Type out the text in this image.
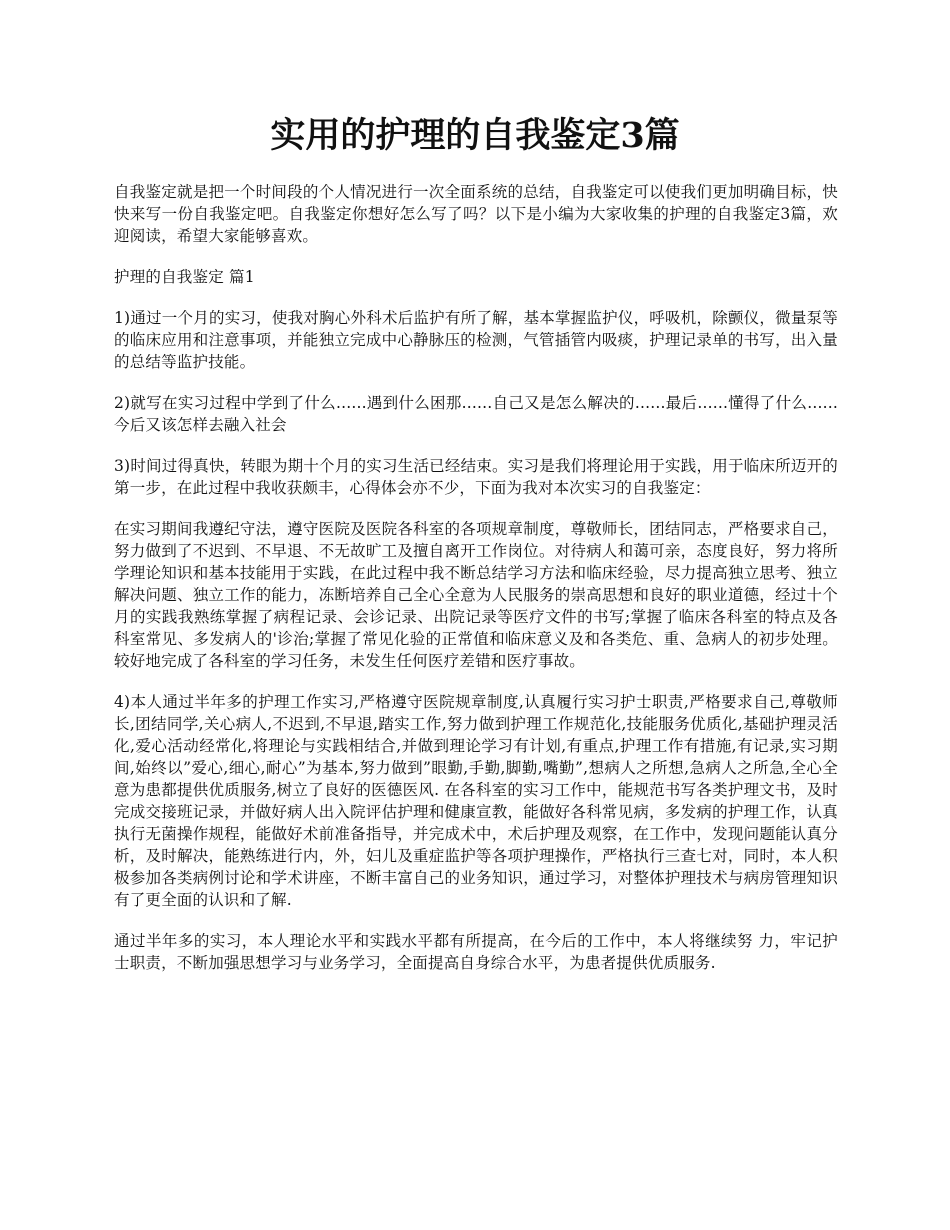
实用的护理的自我鉴定3篇

自我鉴定就是把一个时间段的个人情况进行一次全面系统的总结，自我鉴定可以使我们更加明确目标，快快来写一份自我鉴定吧。自我鉴定你想好怎么写了吗？以下是小编为大家收集的护理的自我鉴定3篇，欢迎阅读，希望大家能够喜欢。

护理的自我鉴定 篇1

1)通过一个月的实习，使我对胸心外科术后监护有所了解，基本掌握监护仪，呼吸机，除颤仪，微量泵等的临床应用和注意事项，并能独立完成中心静脉压的检测，气管插管内吸痰，护理记录单的书写，出入量的总结等监护技能。

2)就写在实习过程中学到了什么......遇到什么困那......自己又是怎么解决的......最后......懂得了什么......今后又该怎样去融入社会

3)时间过得真快，转眼为期十个月的实习生活已经结束。实习是我们将理论用于实践，用于临床所迈开的第一步，在此过程中我收获颇丰，心得体会亦不少，下面为我对本次实习的自我鉴定：

在实习期间我遵纪守法，遵守医院及医院各科室的各项规章制度，尊敬师长，团结同志，严格要求自己，努力做到了不迟到、不早退、不无故旷工及擅自离开工作岗位。对待病人和蔼可亲，态度良好，努力将所学理论知识和基本技能用于实践，在此过程中我不断总结学习方法和临床经验，尽力提高独立思考、独立解决问题、独立工作的能力，冻断培养自己全心全意为人民服务的崇高思想和良好的职业道德，经过十个月的实践我熟练掌握了病程记录、会诊记录、出院记录等医疗文件的书写;掌握了临床各科室的特点及各科室常见、多发病人的'诊治;掌握了常见化验的正常值和临床意义及和各类危、重、急病人的初步处理。较好地完成了各科室的学习任务，未发生任何医疗差错和医疗事故。

4)本人通过半年多的护理工作实习,严格遵守医院规章制度,认真履行实习护士职责,严格要求自己,尊敬师长,团结同学,关心病人,不迟到,不早退,踏实工作,努力做到护理工作规范化,技能服务优质化,基础护理灵活化,爱心活动经常化,将理论与实践相结合,并做到理论学习有计划,有重点,护理工作有措施,有记录,实习期间,始终以”爱心,细心,耐心”为基本,努力做到”眼勤,手勤,脚勤,嘴勤”,想病人之所想,急病人之所急,全心全意为患都提供优质服务,树立了良好的医德医风. 在各科室的实习工作中，能规范书写各类护理文书，及时完成交接班记录，并做好病人出入院评估护理和健康宣教，能做好各科常见病，多发病的护理工作，认真执行无菌操作规程，能做好术前准备指导，并完成术中，术后护理及观察，在工作中，发现问题能认真分析，及时解决，能熟练进行内，外，妇儿及重症监护等各项护理操作，严格执行三查七对，同时，本人积极参加各类病例讨论和学术讲座，不断丰富自己的业务知识，通过学习，对整体护理技术与病房管理知识有了更全面的认识和了解.

通过半年多的实习，本人理论水平和实践水平都有所提高，在今后的工作中，本人将继续努 力，牢记护士职责，不断加强思想学习与业务学习，全面提高自身综合水平，为患者提供优质服务.
